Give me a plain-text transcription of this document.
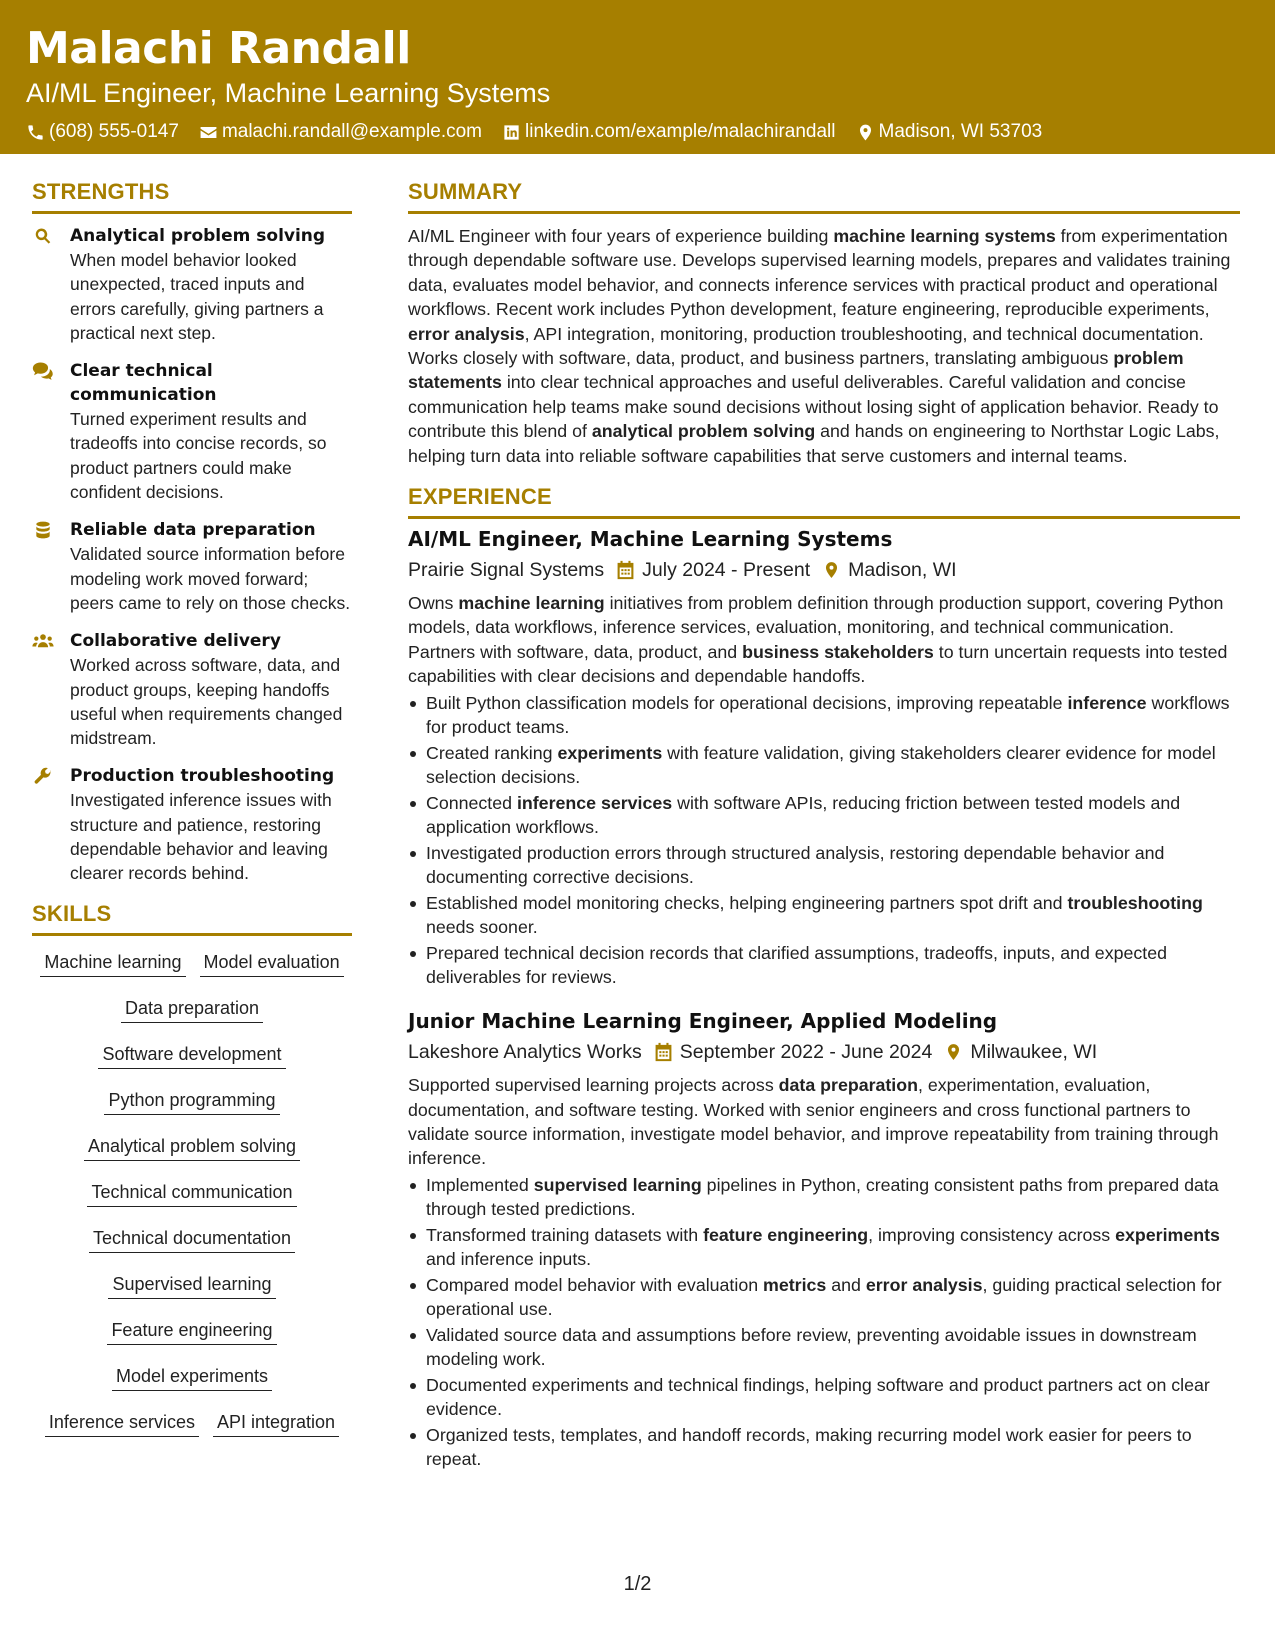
Malachi Randall
AI/ML Engineer, Machine Learning Systems
(608) 555-0147 malachi.randall@example.com linkedin.com/example/malachirandall Madison, WI 53703
STRENGTHS
Analytical problem solving
When model behavior looked unexpected, traced inputs and errors carefully, giving partners a practical next step.
Clear technical communication
Turned experiment results and tradeoffs into concise records, so product partners could make confident decisions.
Reliable data preparation
Validated source information before modeling work moved forward; peers came to rely on those checks.
Collaborative delivery
Worked across software, data, and product groups, keeping handoffs useful when requirements changed midstream.
Production troubleshooting
Investigated inference issues with structure and patience, restoring dependable behavior and leaving clearer records behind.
SKILLS
Machine learning Model evaluation
Data preparation
Software development
Python programming
Analytical problem solving
Technical communication
Technical documentation
Supervised learning
Feature engineering
Model experiments
Inference services API integration
SUMMARY

AI/ML Engineer with four years of experience building machine learning systems from experimentation through dependable software use. Develops supervised learning models, prepares and validates training data, evaluates model behavior, and connects inference services with practical product and operational workflows. Recent work includes Python development, feature engineering, reproducible experiments, error analysis, API integration, monitoring, production troubleshooting, and technical documentation. Works closely with software, data, product, and business partners, translating ambiguous problem statements into clear technical approaches and useful deliverables. Careful validation and concise communication help teams make sound decisions without losing sight of application behavior. Ready to contribute this blend of analytical problem solving and hands on engineering to Northstar Logic Labs, helping turn data into reliable software capabilities that serve customers and internal teams.

EXPERIENCE
AI/ML Engineer, Machine Learning Systems
Prairie Signal Systems July 2024 - Present Madison, WI

Owns machine learning initiatives from problem definition through production support, covering Python models, data workflows, inference services, evaluation, monitoring, and technical communication. Partners with software, data, product, and business stakeholders to turn uncertain requests into tested capabilities with clear decisions and dependable handoffs.

Built Python classification models for operational decisions, improving repeatable inference workflows for product teams.
Created ranking experiments with feature validation, giving stakeholders clearer evidence for model selection decisions.
Connected inference services with software APIs, reducing friction between tested models and application workflows.
Investigated production errors through structured analysis, restoring dependable behavior and documenting corrective decisions.
Established model monitoring checks, helping engineering partners spot drift and troubleshooting needs sooner.
Prepared technical decision records that clarified assumptions, tradeoffs, inputs, and expected deliverables for reviews.
Junior Machine Learning Engineer, Applied Modeling
Lakeshore Analytics Works September 2022 - June 2024 Milwaukee, WI

Supported supervised learning projects across data preparation, experimentation, evaluation, documentation, and software testing. Worked with senior engineers and cross functional partners to validate source information, investigate model behavior, and improve repeatability from training through inference.

Implemented supervised learning pipelines in Python, creating consistent paths from prepared data through tested predictions.
Transformed training datasets with feature engineering, improving consistency across experiments and inference inputs.
Compared model behavior with evaluation metrics and error analysis, guiding practical selection for operational use.
Validated source data and assumptions before review, preventing avoidable issues in downstream modeling work.
Documented experiments and technical findings, helping software and product partners act on clear evidence.
Organized tests, templates, and handoff records, making recurring model work easier for peers to repeat.
1/2
